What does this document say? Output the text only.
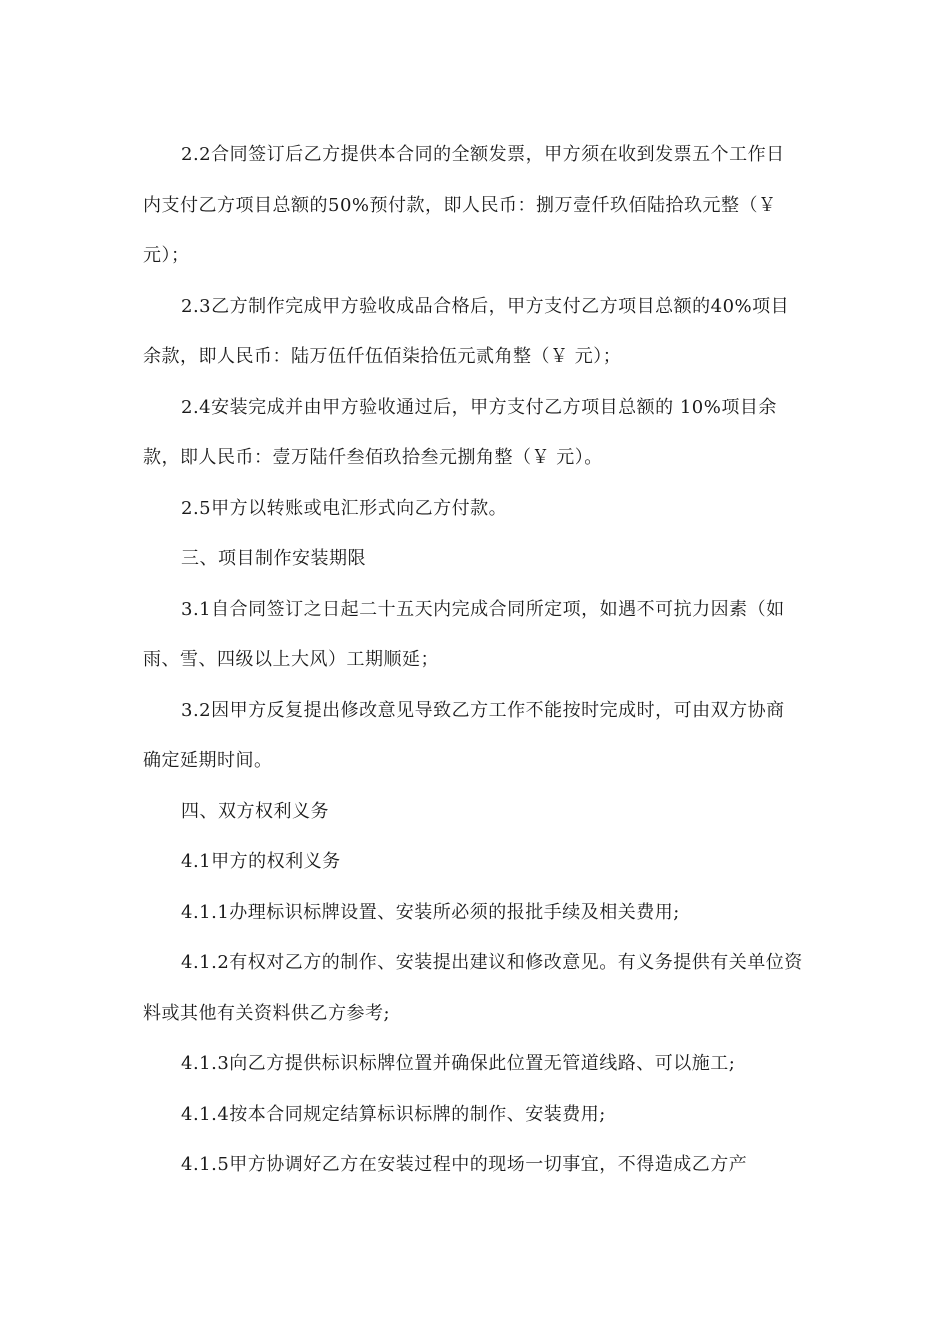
2.2合同签订后乙方提供本合同的全额发票，甲方须在收到发票五个工作日内支付乙方项目总额的50%预付款，即人民币：捌万壹仟玖佰陆拾玖元整（￥ 元）；

2.3乙方制作完成甲方验收成品合格后，甲方支付乙方项目总额的40%项目余款，即人民币：陆万伍仟伍佰柒拾伍元贰角整（￥ 元）；

2.4安装完成并由甲方验收通过后，甲方支付乙方项目总额的 10%项目余款，即人民币：壹万陆仟叁佰玖拾叁元捌角整（￥ 元）。

2.5甲方以转账或电汇形式向乙方付款。

三、项目制作安装期限

3.1自合同签订之日起二十五天内完成合同所定项，如遇不可抗力因素（如雨、雪、四级以上大风）工期顺延；

3.2因甲方反复提出修改意见导致乙方工作不能按时完成时，可由双方协商确定延期时间。

四、双方权利义务

4.1甲方的权利义务

4.1.1办理标识标牌设置、安装所必须的报批手续及相关费用;

4.1.2有权对乙方的制作、安装提出建议和修改意见。有义务提供有关单位资料或其他有关资料供乙方参考;

4.1.3向乙方提供标识标牌位置并确保此位置无管道线路、可以施工;

4.1.4按本合同规定结算标识标牌的制作、安装费用;

4.1.5甲方协调好乙方在安装过程中的现场一切事宜，不得造成乙方产
